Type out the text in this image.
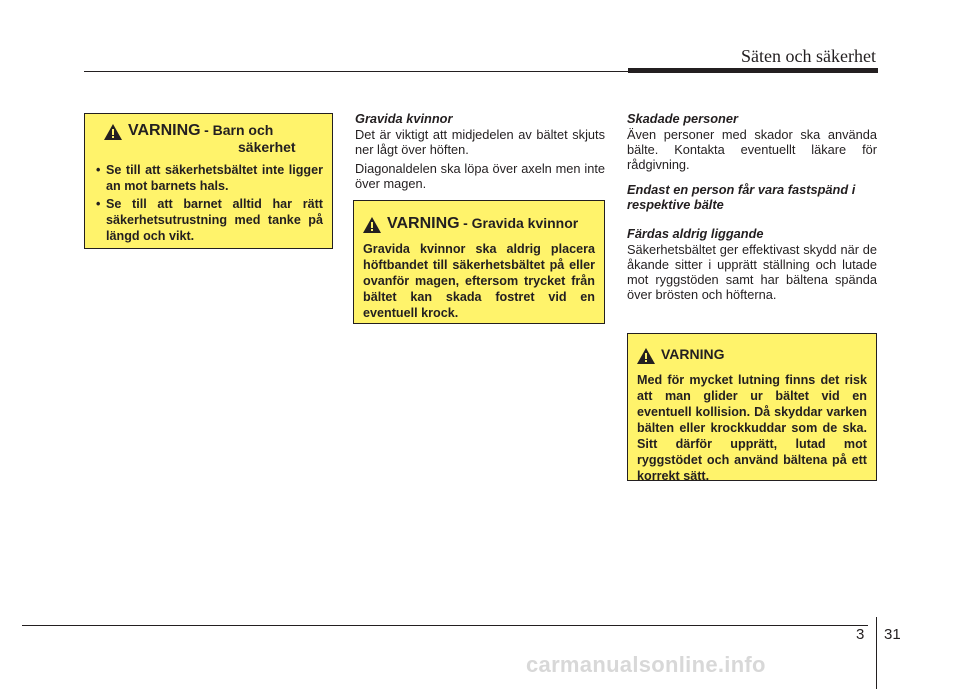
Säten och säkerhet
VARNING - Barn och
säkerhet
• Se till att säkerhetsbältet inte ligger an mot barnets hals.
• Se till att barnet alltid har rätt säkerhetsutrustning med tanke på längd och vikt.
Gravida kvinnor

Det är viktigt att midjedelen av bältet skjuts ner lågt över höften.

Diagonaldelen ska löpa över axeln men inte över magen.

VARNING - Gravida kvinnor
Gravida kvinnor ska aldrig placera höftbandet till säkerhetsbältet på eller ovanför magen, eftersom trycket från bältet kan skada fostret vid en eventuell krock.
Skadade personer

Även personer med skador ska använda bälte. Kontakta eventuellt läkare för rådgivning.

Endast en person får vara fastspänd i respektive bälte
Färdas aldrig liggande

Säkerhetsbältet ger effektivast skydd när de åkande sitter i upprätt ställning och lutade mot ryggstöden samt har bältena spända över brösten och höfterna.

VARNING
Med för mycket lutning finns det risk att man glider ur bältet vid en eventuell kollision. Då skyddar varken bälten eller krockkuddar som de ska. Sitt därför upprätt, lutad mot ryggstödet och använd bältena på ett korrekt sätt.
3 31
carmanualsonline.info
